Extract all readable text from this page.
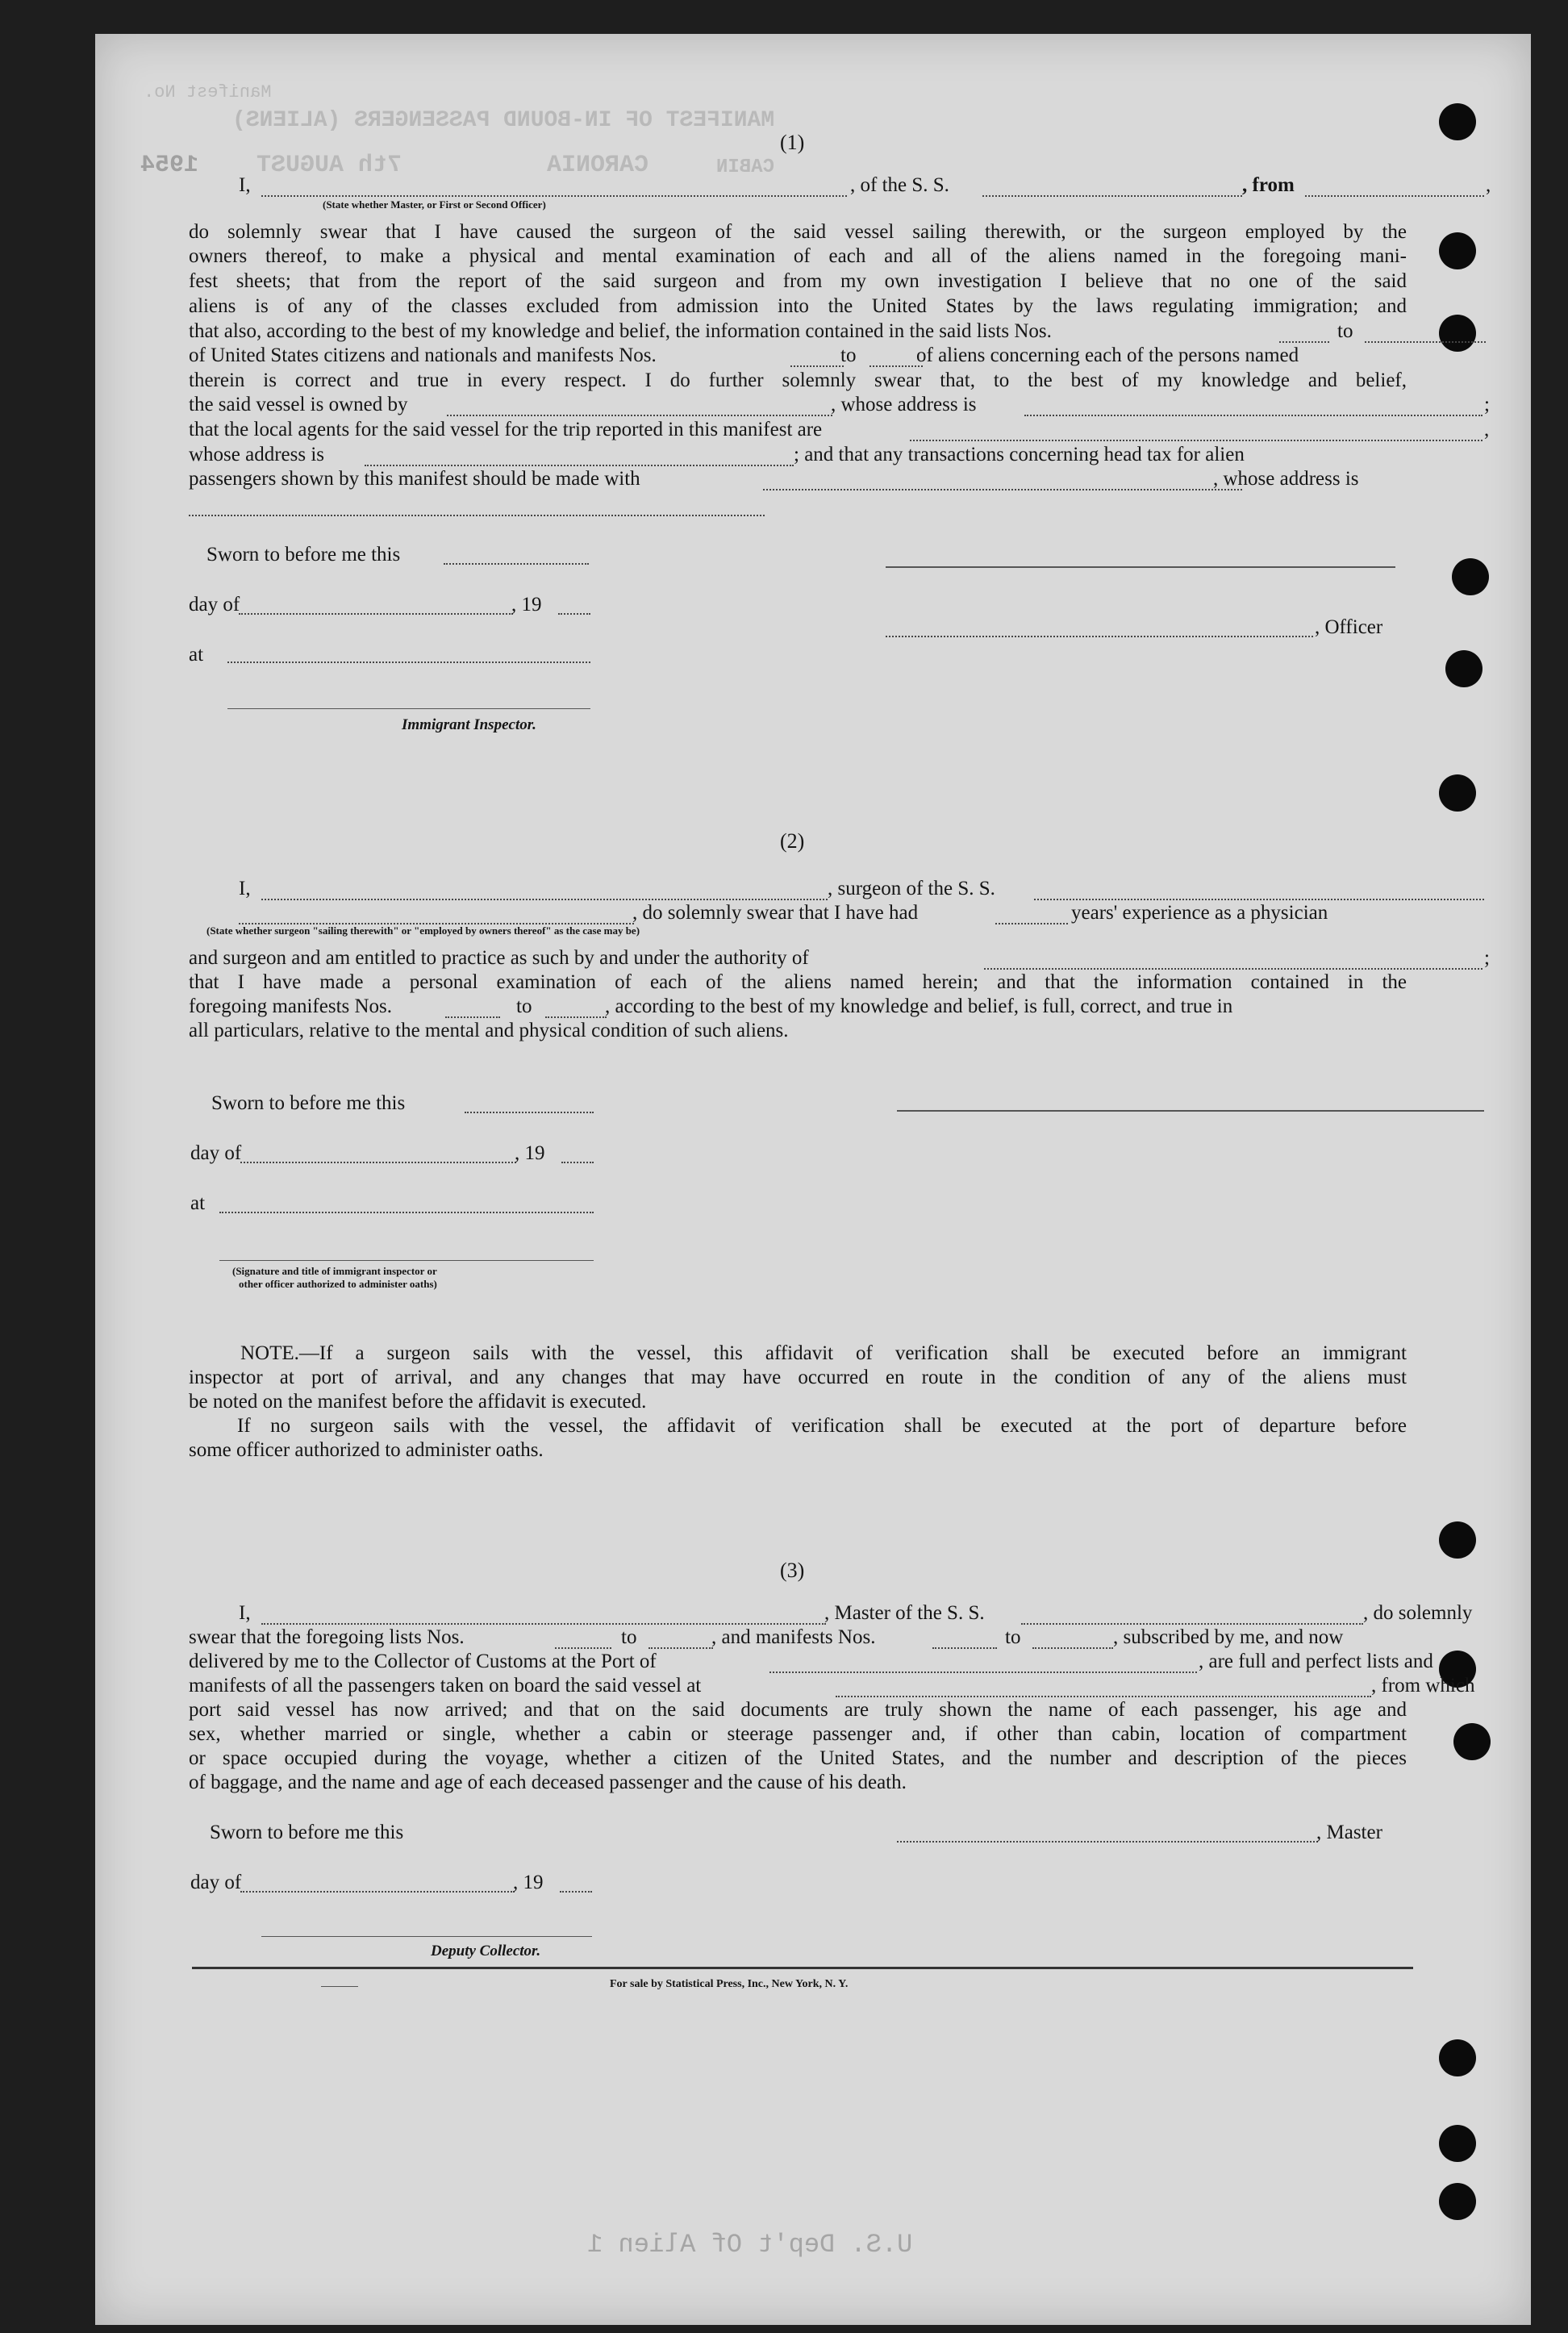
Manifest No.
MANIFEST OF IN-BOUND PASSENGERS (ALIENS)
1954 7th AUGUST	CARONIA	CABIN
U.S. Dep't Of Alien 1
(1)
I,	, of the S. S.	, from	,
(State whether Master, or First or Second Officer)
do solemnly swear that I have caused the surgeon of the said vessel sailing therewith, or the surgeon employed by the
owners thereof, to make a physical and mental examination of each and all of the aliens named in the foregoing mani-
fest sheets; that from the report of the said surgeon and from my own investigation I believe that no one of the said
aliens is of any of the classes excluded from admission into the United States by the laws regulating immigration; and
that also, according to the best of my knowledge and belief, the information contained in the said lists Nos.	to
of United States citizens and nationals and manifests Nos.	to	of aliens concerning each of the persons named
therein is correct and true in every respect. I do further solemnly swear that, to the best of my knowledge and belief,
the said vessel is owned by	, whose address is	;
that the local agents for the said vessel for the trip reported in this manifest are	,
whose address is	; and that any transactions concerning head tax for alien
passengers shown by this manifest should be made with	, whose address is
Sworn to before me this
day of	, 19
, Officer
at
Immigrant Inspector.
(2)
I,	, surgeon of the S. S.
, do solemnly swear that I have had	years' experience as a physician
(State whether surgeon "sailing therewith" or "employed by owners thereof" as the case may be)
and surgeon and am entitled to practice as such by and under the authority of	;
that I have made a personal examination of each of the aliens named herein; and that the information contained in the
foregoing manifests Nos.	to	, according to the best of my knowledge and belief, is full, correct, and true in
all particulars, relative to the mental and physical condition of such aliens.
Sworn to before me this
day of	, 19
at
(Signature and title of immigrant inspector or
other officer authorized to administer oaths)
NOTE.—If a surgeon sails with the vessel, this affidavit of verification shall be executed before an immigrant
inspector at port of arrival, and any changes that may have occurred en route in the condition of any of the aliens must
be noted on the manifest before the affidavit is executed.
If no surgeon sails with the vessel, the affidavit of verification shall be executed at the port of departure before
some officer authorized to administer oaths.
(3)
I,	, Master of the S. S.	, do solemnly
swear that the foregoing lists Nos.	to	, and manifests Nos.	to	, subscribed by me, and now
delivered by me to the Collector of Customs at the Port of	, are full and perfect lists and
manifests of all the passengers taken on board the said vessel at	, from which
port said vessel has now arrived; and that on the said documents are truly shown the name of each passenger, his age and
sex, whether married or single, whether a cabin or steerage passenger and, if other than cabin, location of compartment
or space occupied during the voyage, whether a citizen of the United States, and the number and description of the pieces
of baggage, and the name and age of each deceased passenger and the cause of his death.
Sworn to before me this	, Master
day of	, 19
Deputy Collector.
For sale by Statistical Press, Inc., New York, N. Y.
